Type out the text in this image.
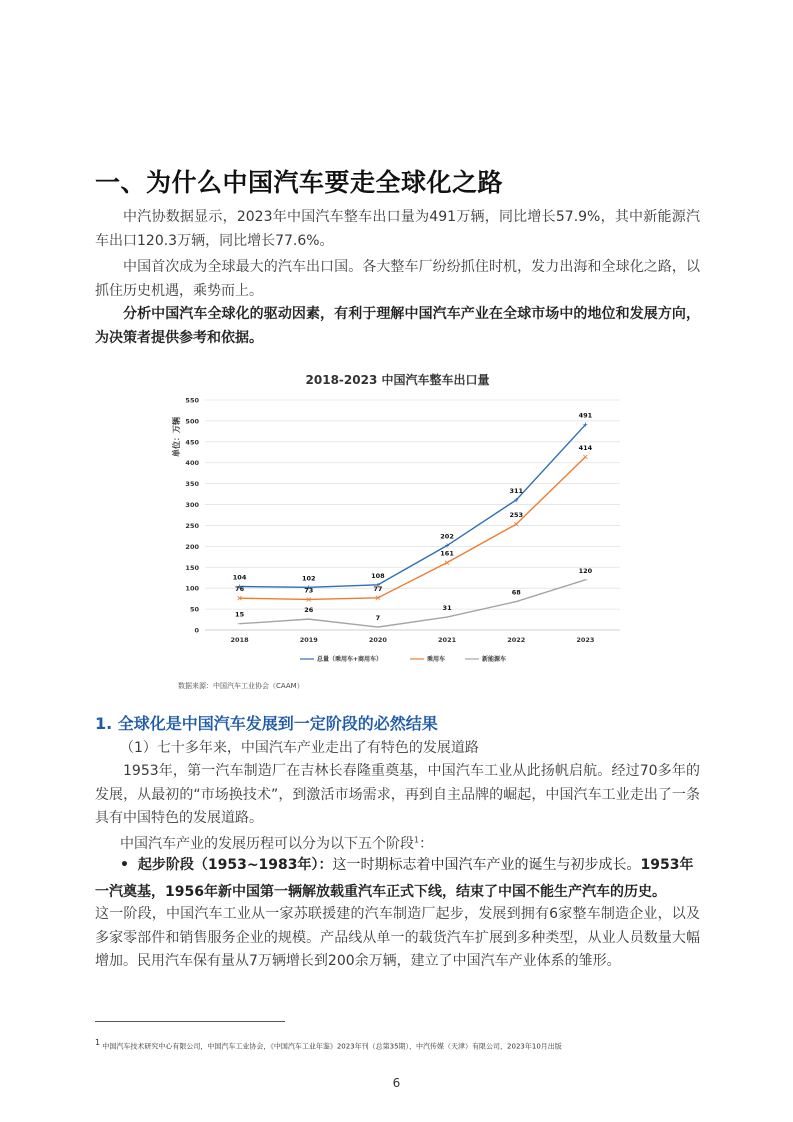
一、为什么中国汽车要走全球化之路

中汽协数据显示，2023年中国汽车整车出口量为491万辆，同比增长57.9%，其中新能源汽车出口120.3万辆，同比增长77.6%。

中国首次成为全球最大的汽车出口国。各大整车厂纷纷抓住时机，发力出海和全球化之路，以抓住历史机遇，乘势而上。

分析中国汽车全球化的驱动因素，有利于理解中国汽车产业在全球市场中的地位和发展方向，为决策者提供参考和依据。

2018-2023 中国汽车整车出口量
0
50
100
150
200
250
300
350
400
450
500
550
2018	2019	2020	2021	2022	2023
104	102	108
202
311
491
76	73	77
161
253
414
15
26
7
31
68
120
总量（乘用车+商用车）	乘用车	新能源车
单位：万辆
数据来源：中国汽车工业协会（CAAM）
1. 全球化是中国汽车发展到一定阶段的必然结果

（1）七十多年来，中国汽车产业走出了有特色的发展道路

1953年，第一汽车制造厂在吉林长春隆重奠基，中国汽车工业从此扬帆启航。经过70多年的发展，从最初的“市场换技术”，到激活市场需求，再到自主品牌的崛起，中国汽车工业走出了一条具有中国特色的发展道路。

中国汽车产业的发展历程可以分为以下五个阶段$^1$：

• 起步阶段（1953~1983年）：这一时期标志着中国汽车产业的诞生与初步成长。1953年

一汽奠基，1956年新中国第一辆解放载重汽车正式下线，结束了中国不能生产汽车的历史。

这一阶段，中国汽车工业从一家苏联援建的汽车制造厂起步，发展到拥有6家整车制造企业，以及多家零部件和销售服务企业的规模。产品线从单一的载货汽车扩展到多种类型，从业人员数量大幅增加。民用汽车保有量从7万辆增长到200余万辆，建立了中国汽车产业体系的雏形。

$^1$ 中国汽车技术研究中心有限公司，中国汽车工业协会，《中国汽车工业年鉴》2023年刊（总第35期），中汽传媒（天津）有限公司，2023年10月出版
6
